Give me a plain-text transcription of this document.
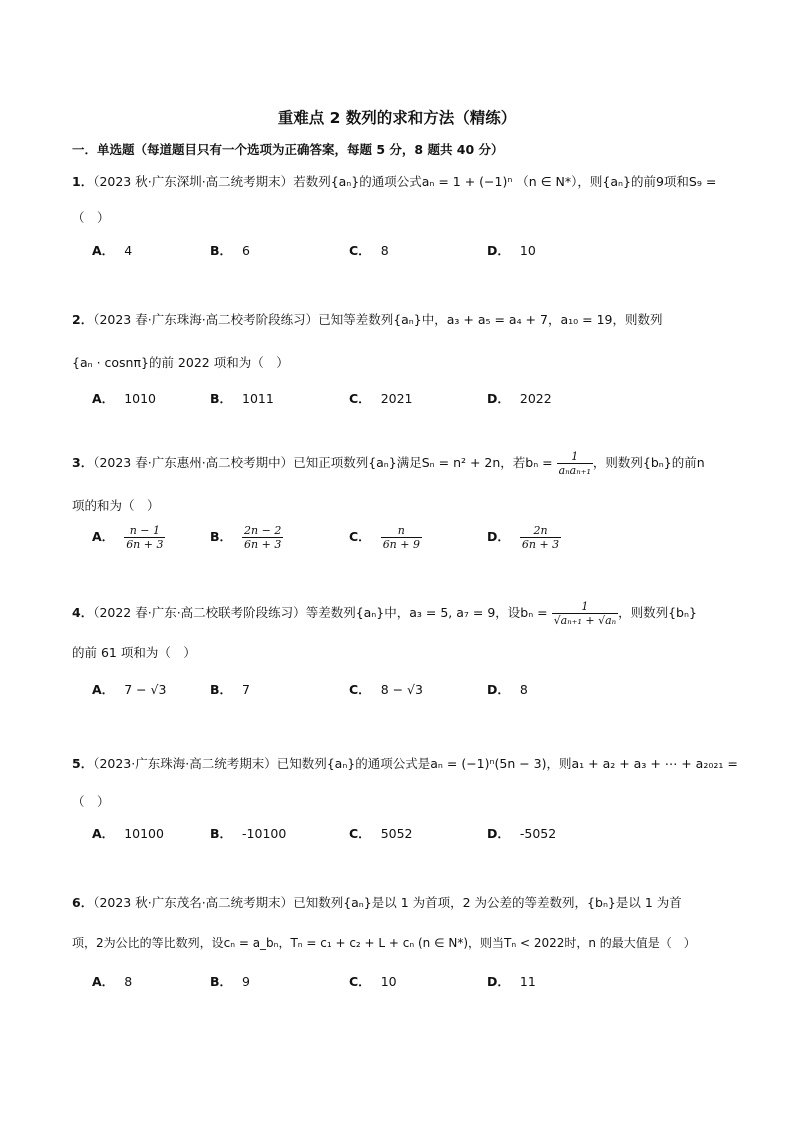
重难点 2 数列的求和方法（精练）
一．单选题（每道题目只有一个选项为正确答案，每题 5 分，8 题共 40 分）
1．（2023 秋·广东深圳·高二统考期末）若数列{aₙ}的通项公式aₙ = 1 + (−1)ⁿ （n ∈ N*），则{aₙ}的前9项和S₉ =
（　）
A． 4	B． 6	C． 8	D． 10
2．（2023 春·广东珠海·高二校考阶段练习）已知等差数列{aₙ}中，a₃ + a₅ = a₄ + 7，a₁₀ = 19，则数列
{aₙ · cosnπ}的前 2022 项和为（　）
A． 1010	B． 1011	C． 2021	D． 2022
3．（2023 春·广东惠州·高二校考期中）已知正项数列{aₙ}满足Sₙ = n² + 2n，若$b_n = \frac{1}{\text{aₙaₙ₊₁}}$ ，则数列{bₙ}的前n
项的和为（　）
A． $\frac{n - 1}{6n + 3}$	B． $\frac{2n - 2}{6n + 3}$	C． $\frac{n}{6n + 9}$	D． $\frac{2n}{6n + 3}$
4．（2022 春·广东·高二校联考阶段练习）等差数列{aₙ}中，a₃ = 5, a₇ = 9，设$b_n = \frac{1}{\text{√aₙ₊₁ + √aₙ}}$ ，则数列{bₙ}
的前 61 项和为（　）
A． 7 − √3	B． 7	C． 8 − √3	D． 8
5．（2023·广东珠海·高二统考期末）已知数列{aₙ}的通项公式是aₙ = (−1)ⁿ(5n − 3)，则a₁ + a₂ + a₃ + ⋯ + a₂₀₂₁ =
（　）
A． 10100	B． -10100	C． 5052	D． -5052
6．（2023 秋·广东茂名·高二统考期末）已知数列{aₙ}是以 1 为首项，2 为公差的等差数列，{bₙ}是以 1 为首
项，2为公比的等比数列，设cₙ = a_bₙ，Tₙ = c₁ + c₂ + L + cₙ (n ∈ N*)，则当Tₙ < 2022时，n 的最大值是（　）
A． 8	B． 9	C． 10	D． 11
